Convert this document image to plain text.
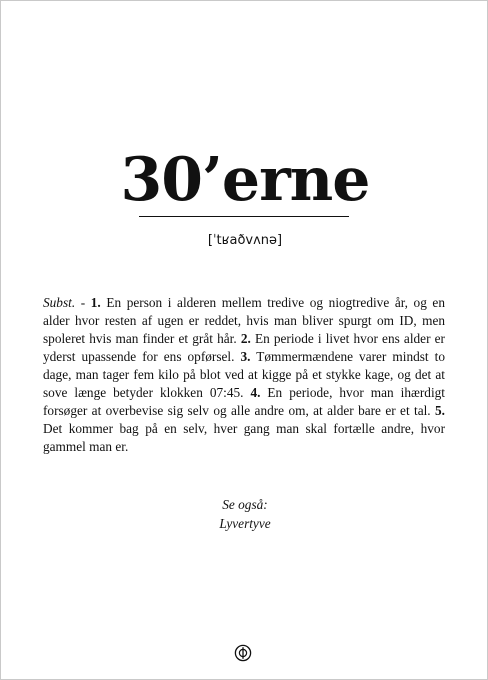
30’erne
[ˈtʁaðvʌnə]
Subst. - 1. En person i alderen mellem tredive og niogtredive år, og en alder hvor resten af ugen er reddet, hvis man bliver spurgt om ID, men spoleret hvis man finder et gråt hår. 2. En periode i livet hvor ens alder er yderst upassende for ens opførsel. 3. Tømmermændene varer mindst to dage, man tager fem kilo på blot ved at kigge på et stykke kage, og det at sove længe betyder klokken 07:45. 4. En periode, hvor man ihærdigt forsøger at overbevise sig selv og alle andre om, at alder bare er et tal. 5. Det kommer bag på en selv, hver gang man skal fortælle andre, hvor gammel man er.
Se også:
Lyvertyve
